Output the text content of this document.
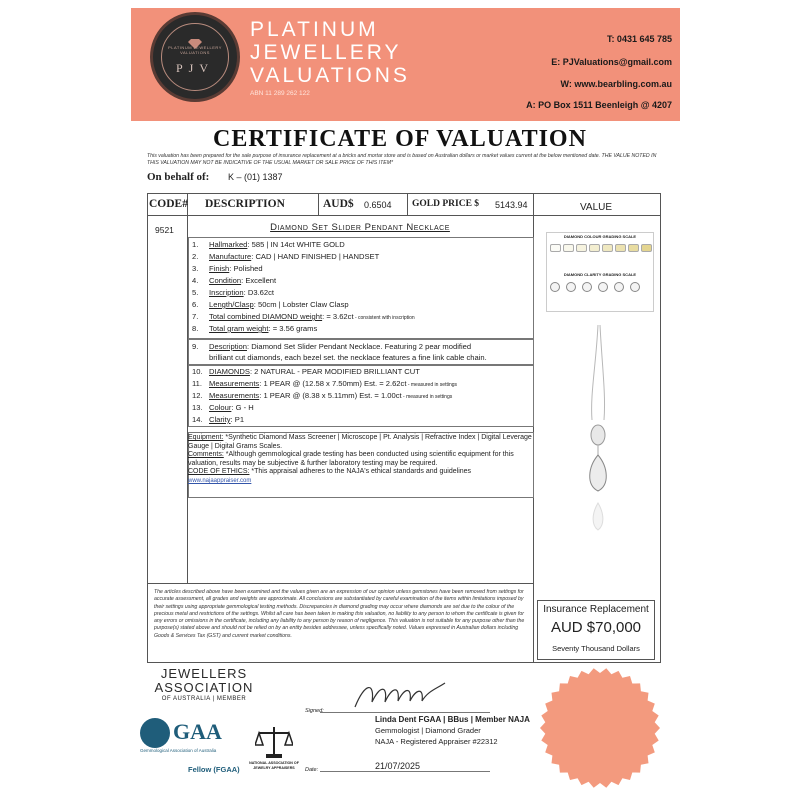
PLATINUM JEWELLERY VALUATIONS
PJV
PLATINUM
JEWELLERY
VALUATIONS
ABN 11 289 262 122
T: 0431 645 785
E: PJValuations@gmail.com
W: www.bearbling.com.au
A: PO Box 1511 Beenleigh @ 4207
CERTIFICATE OF VALUATION
This valuation has been prepared for the sale purpose of insurance replacement at a bricks and mortar store and is based on Australian dollars or market values current at the below mentioned date. THE VALUE NOTED IN THIS VALUATION MAY NOT BE INDICATIVE OF THE USUAL MARKET OR SALE PRICE OF THIS ITEM*
On behalf of: K – (01) 1387
CODE# DESCRIPTION	AUD$ 0.6504 GOLD PRICE $ 5143.94	VALUE
9521	Diamond Set Slider Pendant Necklace
1. Hallmarked: 585 | IN 14ct WHITE GOLD
2. Manufacture: CAD | HAND FINISHED | HANDSET
3. Finish: Polished
4. Condition: Excellent
5. Inscription: D3.62ct
6. Length/Clasp: 50cm | Lobster Claw Clasp
7. Total combined DIAMOND weight: = 3.62ct - consistent with inscription
8. Total gram weight: = 3.56 grams
9. Description: Diamond Set Slider Pendant Necklace. Featuring 2 pear modified
brilliant cut diamonds, each bezel set. the necklace features a fine link cable chain.
10. DIAMONDS: 2 NATURAL - PEAR MODIFIED BRILLIANT CUT
11. Measurements: 1 PEAR @ (12.58 x 7.50mm) Est. = 2.62ct - measured in settings
12. Measurements: 1 PEAR @ (8.38 x 5.11mm) Est. = 1.00ct - measured in settings
13. Colour: G - H
14. Clarity: P1
Equipment: *Synthetic Diamond Mass Screener | Microscope | Pt. Analysis | Refractive Index | Digital Leverage Gauge | Digital Grams Scales.
Comments: *Although gemmological grade testing has been conducted using scientific equipment for this valuation, results may be subjective & further laboratory testing may be required.
CODE OF ETHICS: *This appraisal adheres to the NAJA's ethical standards and guidelines
www.najaappraiser.com
DIAMOND COLOUR GRADING SCALE
DIAMOND CLARITY GRADING SCALE
Insurance Replacement
AUD $70,000
Seventy Thousand Dollars
The articles described above have been examined and the values given are an expression of our opinion unless gemstones have been removed from settings for accurate assessment, all grades and weights are approximate. All conclusions are substantiated by careful examination of the items within limitations imposed by their settings using appropriate gemmological testing methods. Discrepancies in diamond grading may occur where diamonds are set due to the colour of the precious metal and restrictions of the settings. Whilst all care has been taken in making this valuation, no liability to any person to whom the certificate is given for any errors or omissions in the certificate, including any liability to any person by reason of negligence. This valuation is not suitable for any purpose other than the purpose(s) stated above and should not be relied on by an entity besides addressee, unless specifically noted. Values expressed in Australian dollars including Goods & Services Tax (GST) and current market conditions.
JEWELLERS
ASSOCIATION
OF AUSTRALIA | MEMBER
GAA
Gemmological Association of Australia
Fellow (FGAA)
NATIONAL ASSOCIATION OF JEWELRY APPRAISERS
Signed:
Linda Dent FGAA | BBus | Member NAJA
Gemmologist | Diamond Grader
NAJA - Registered Appraiser #22312
Date:	21/07/2025
